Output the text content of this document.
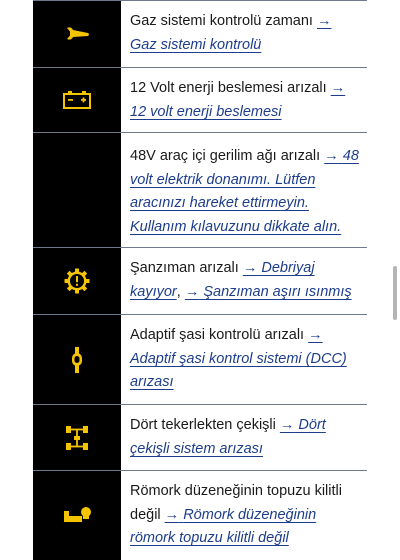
Gaz sistemi kontrolü zamanı →
Gaz sistemi kontrolü
12 Volt enerji beslemesi arızalı →
12 volt enerji beslemesi
48V araç içi gerilim ağı arızalı → 48 volt elektrik donanımı. Lütfen aracınızı hareket ettirmeyin. Kullanım kılavuzunu dikkate alın.
Şanzıman arızalı → Debriyaj kayıyor, → Şanzıman aşırı ısınmış
Adaptif şasi kontrolü arızalı →
Adaptif şasi kontrol sistemi (DCC) arızası
Dört tekerlekten çekişli → Dört çekişli sistem arızası
Römork düzeneğinin topuzu kilitli değil → Römork düzeneğinin römork topuzu kilitli değil
